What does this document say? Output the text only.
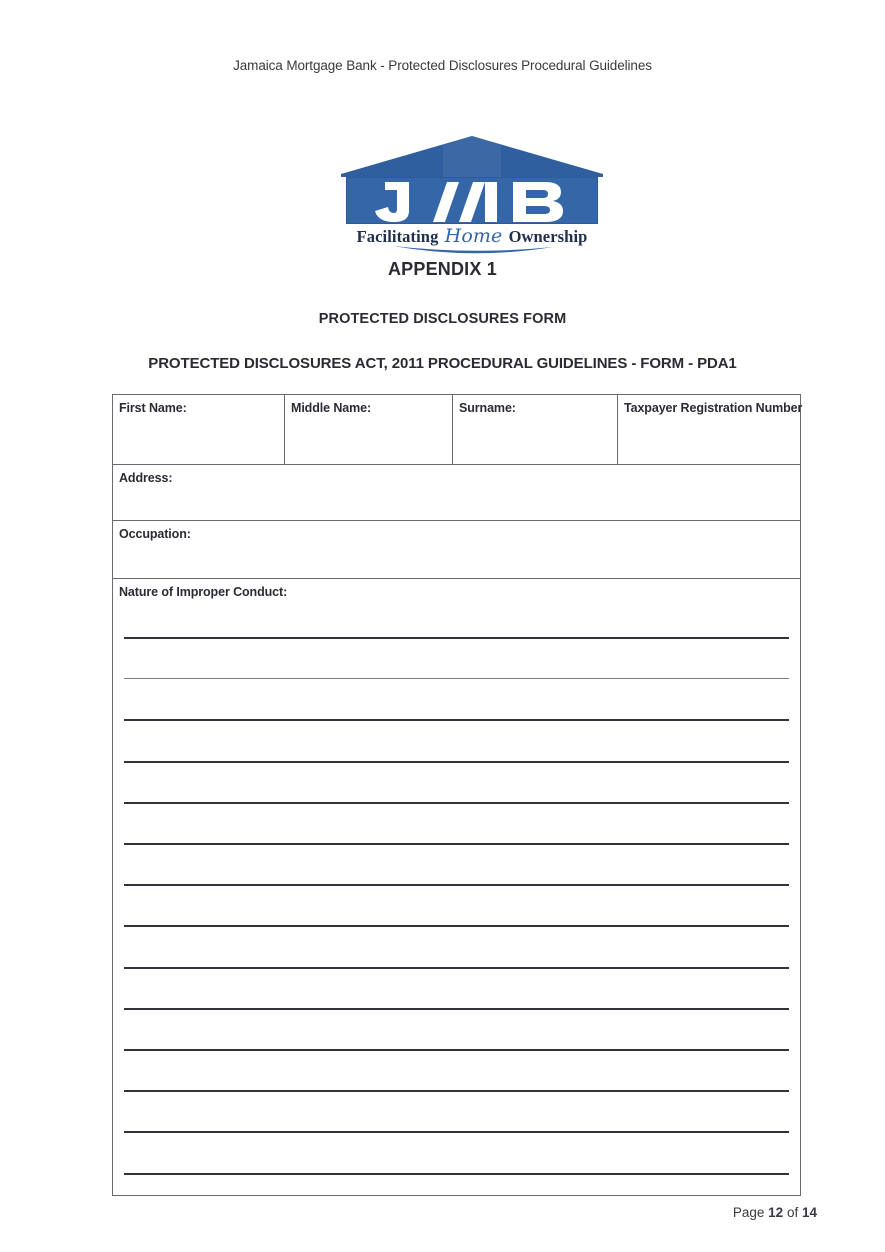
Jamaica Mortgage Bank - Protected Disclosures Procedural Guidelines
Facilitating Home Ownership
APPENDIX 1
PROTECTED DISCLOSURES FORM
PROTECTED DISCLOSURES ACT, 2011 PROCEDURAL GUIDELINES - FORM - PDA1
First Name:	Middle Name:	Surname:	Taxpayer Registration Number
Address:
Occupation:
Nature of Improper Conduct:
Page 12 of 14
